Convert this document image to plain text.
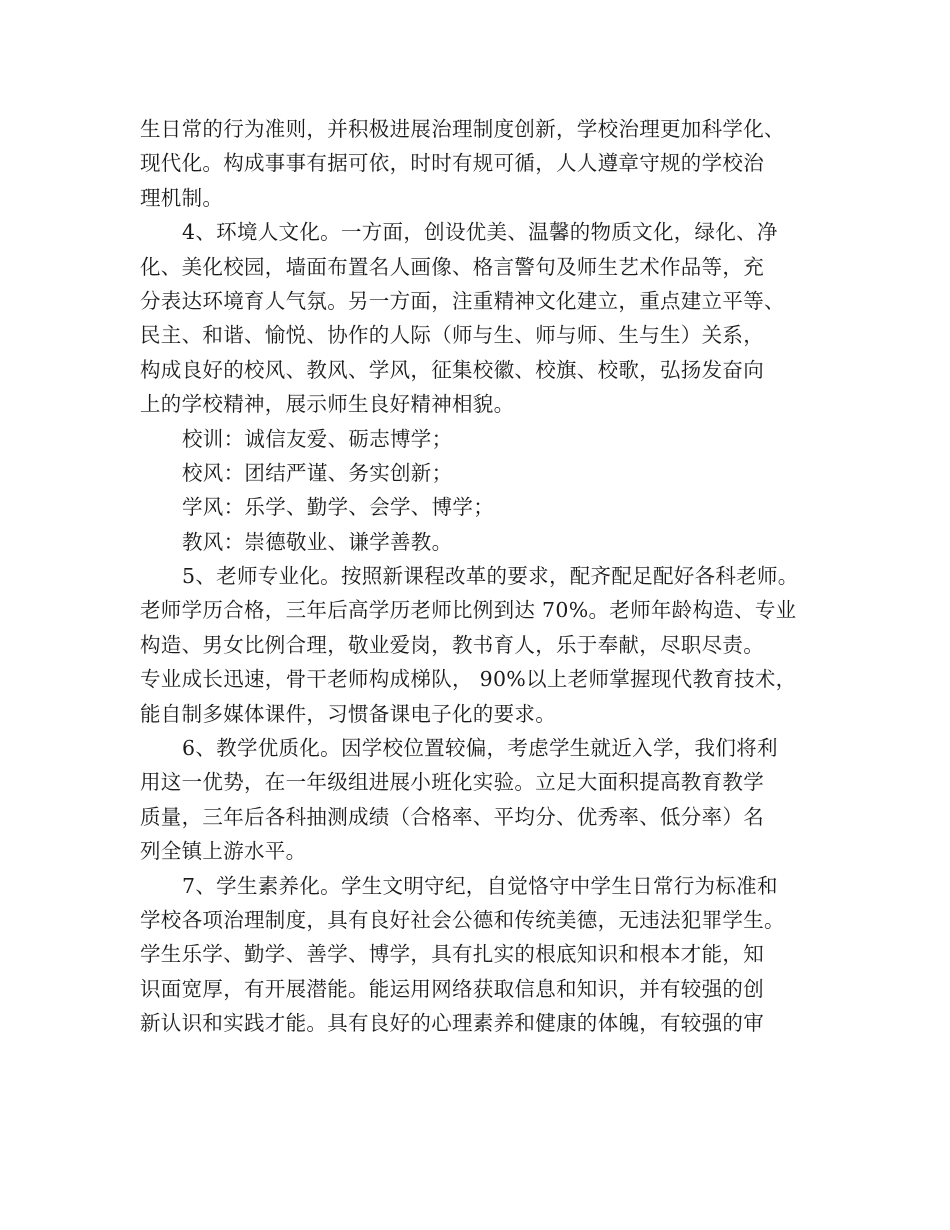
生日常的行为准则，并积极进展治理制度创新，学校治理更加科学化、
现代化。构成事事有据可依，时时有规可循，人人遵章守规的学校治
理机制。
4、环境人文化。一方面，创设优美、温馨的物质文化，绿化、净
化、美化校园，墙面布置名人画像、格言警句及师生艺术作品等，充
分表达环境育人气氛。另一方面，注重精神文化建立，重点建立平等、
民主、和谐、愉悦、协作的人际（师与生、师与师、生与生）关系，
构成良好的校风、教风、学风，征集校徽、校旗、校歌，弘扬发奋向
上的学校精神，展示师生良好精神相貌。
校训：诚信友爱、砺志博学；
校风：团结严谨、务实创新；
学风：乐学、勤学、会学、博学；
教风：崇德敬业、谦学善教。
5、老师专业化。按照新课程改革的要求，配齐配足配好各科老师。
老师学历合格，三年后高学历老师比例到达 70%。老师年龄构造、专业
构造、男女比例合理，敬业爱岗，教书育人，乐于奉献，尽职尽责。
专业成长迅速，骨干老师构成梯队， 90%以上老师掌握现代教育技术，
能自制多媒体课件，习惯备课电子化的要求。
6、教学优质化。因学校位置较偏，考虑学生就近入学，我们将利
用这一优势，在一年级组进展小班化实验。立足大面积提高教育教学
质量，三年后各科抽测成绩（合格率、平均分、优秀率、低分率）名
列全镇上游水平。
7、学生素养化。学生文明守纪，自觉恪守中学生日常行为标准和
学校各项治理制度，具有良好社会公德和传统美德，无违法犯罪学生。
学生乐学、勤学、善学、博学，具有扎实的根底知识和根本才能，知
识面宽厚，有开展潜能。能运用网络获取信息和知识，并有较强的创
新认识和实践才能。具有良好的心理素养和健康的体魄，有较强的审
